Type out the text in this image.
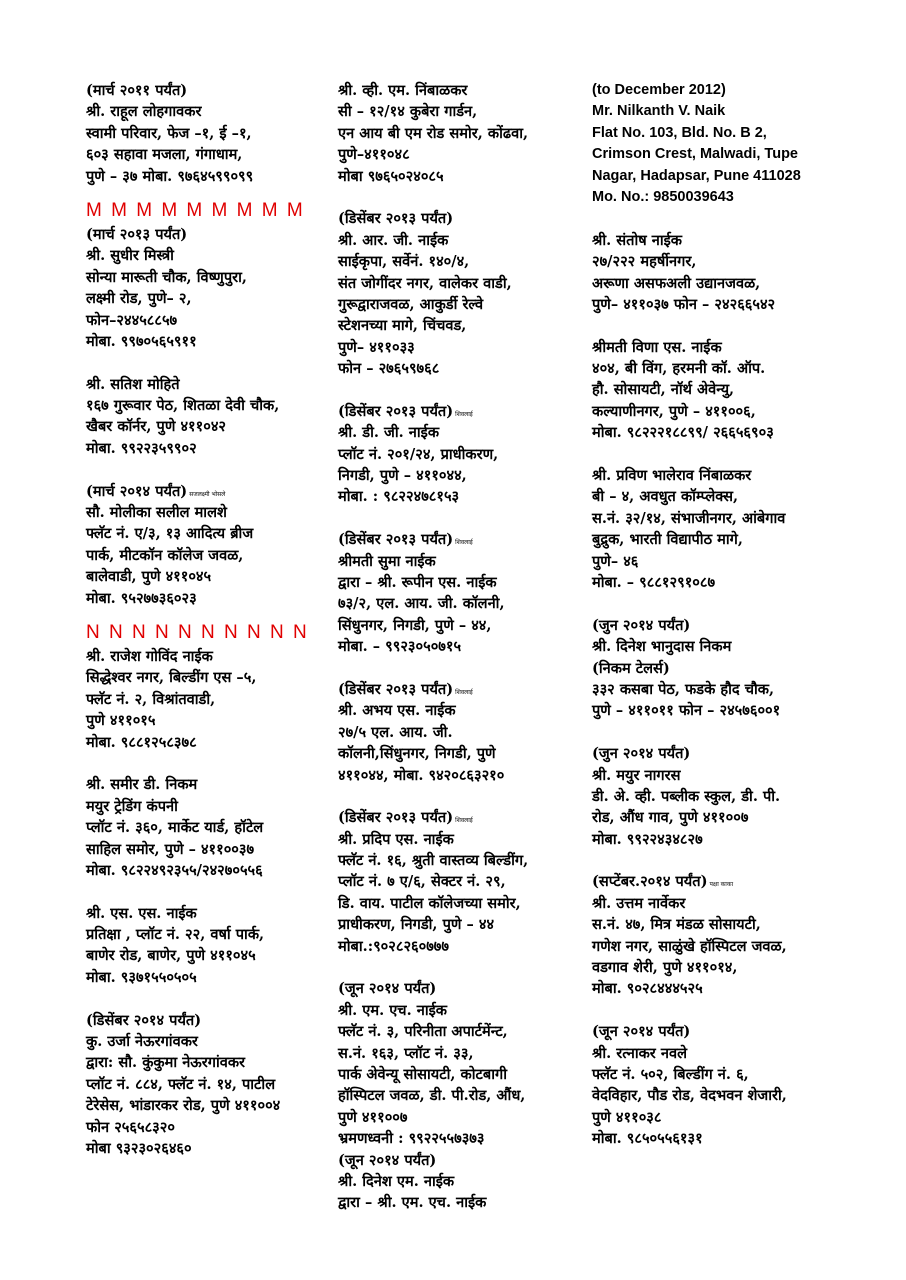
(मार्च २०११ पर्यंत)
श्री. राहूल लोहगावकर
स्वामी परिवार, फेज –१, ई –१,
६०३ सहावा मजला, गंगाधाम,
पुणे – ३७ मोबा. ९७६४५९९०९९
M M M M M M M M M
(मार्च २०१३ पर्यंत)
श्री. सुधीर मिस्त्री
सोन्या मारूती चौक, विष्णुपुरा,
लक्ष्मी रोड, पुणे– २,
फोन–२४४५८८५७
मोबा. ९९७०५६५९११
श्री. सतिश मोहिते
१६७ गुरूवार पेठ, शितळा देवी चौक,
खैबर कॉर्नर, पुणे ४११०४२
मोबा. ९९२२३५९९०२
(मार्च २०१४ पर्यंत) सजलक्ष्मी भोसले
सौ. मोलीका सलील मालशे
फ्लॅट नं. ए/३, १३ आदित्य ब्रीज
पार्क, मीटकॉन कॉलेज जवळ,
बालेवाडी, पुणे ४११०४५
मोबा. ९५२७७३६०२३
N N N N N N N N N N
श्री. राजेश गोविंद नाईक
सिद्धेश्वर नगर, बिल्डींग एस –५,
फ्लॅट नं. २, विश्रांतवाडी,
पुणे ४११०१५
मोबा. ९८८१२५८३७८
श्री. समीर डी. निकम
मयुर ट्रेडिंग कंपनी
प्लॉट नं. ३६०, मार्केट यार्ड, हॉटेल
साहिल समोर, पुणे – ४११००३७
मोबा. ९८२२४९२३५५/२४२७०५५६
श्री. एस. एस. नाईक
प्रतिक्षा , प्लॉट नं. २२, वर्षा पार्क,
बाणेर रोड, बाणेर, पुणे ४११०४५
मोबा. ९३७१५५०५०५
(डिसेंबर २०१४ पर्यंत)
कु. उर्जा नेऊरगांवकर
द्वारा: सौ. कुंकुमा नेऊरगांवकर
प्लॉट नं. ८८४, फ्लॅट नं. १४, पाटील
टेरेसेस, भांडारकर रोड, पुणे ४११००४
फोन २५६५८३२०
मोबा ९३२३०२६४६०
श्री. व्ही. एम. निंबाळकर
सी – १२/१४ कुबेरा गार्डन,
एन आय बी एम रोड समोर, कोंढवा,
पुणे–४११०४८
मोबा ९७६५०२४०८५
(डिसेंबर २०१३ पर्यंत)
श्री. आर. जी. नाईक
साईकृपा, सर्वेनं. १४०/४,
संत जोगींदर नगर, वालेकर वाडी,
गुरूद्वाराजवळ, आकुर्डी रेल्वे
स्टेशनच्या मागे, चिंचवड,
पुणे– ४११०३३
फोन – २७६५९७६८
(डिसेंबर २०१३ पर्यंत) शिवलाई
श्री. डी. जी. नाईक
प्लॉट नं. २०१/२४, प्राधीकरण,
निगडी, पुणे – ४११०४४,
मोबा. : ९८२२४७८१५३
(डिसेंबर २०१३ पर्यंत) शिवलाई
श्रीमती सुमा नाईक
द्वारा – श्री. रूपीन एस. नाईक
७३/२, एल. आय. जी. कॉलनी,
सिंधुनगर, निगडी, पुणे – ४४,
मोबा. – ९९२३०५०७१५
(डिसेंबर २०१३ पर्यंत) शिवलाई
श्री. अभय एस. नाईक
२७/५ एल. आय. जी.
कॉलनी,सिंधुनगर, निगडी, पुणे
४११०४४, मोबा. ९४२०८६३२१०
(डिसेंबर २०१३ पर्यंत) शिवलाई
श्री. प्रदिप एस. नाईक
फ्लॅट नं. १६, श्रुती वास्तव्य बिल्डींग,
प्लॉट नं. ७ ए/६, सेक्टर नं. २९,
डि. वाय. पाटील कॉलेजच्या समोर,
प्राधीकरण, निगडी, पुणे – ४४
मोबा.:९०२८२६०७७७
(जून २०१४ पर्यंत)
श्री. एम. एच. नाईक
फ्लॅट नं. ३, परिनीता अपार्टमेंन्ट,
स.नं. १६३, प्लॉट नं. ३३,
पार्क अेवेन्यू सोसायटी, कोटबागी
हॉस्पिटल जवळ, डी. पी.रोड, औंध,
पुणे ४११००७
भ्रमणध्वनी : ९९२२५५७३७३
(जून २०१४ पर्यंत)
श्री. दिनेश एम. नाईक
द्वारा – श्री. एम. एच. नाईक
(to December 2012)
Mr. Nilkanth V. Naik
Flat No. 103, Bld. No. B 2,
Crimson Crest, Malwadi, Tupe
Nagar, Hadapsar, Pune 411028
Mo. No.: 9850039643
श्री. संतोष नाईक
२७/२२२ महर्षीनगर,
अरूणा असफअली उद्यानजवळ,
पुणे– ४११०३७ फोन – २४२६६५४२
श्रीमती विणा एस. नाईक
४०४, बी विंग, हरमनी कॉ. ऑप.
हौ. सोसायटी, नॉर्थ अेवेन्यु,
कल्याणीनगर, पुणे – ४११००६,
मोबा. ९८२२२१८८९९/ २६६५६९०३
श्री. प्रविण भालेराव निंबाळकर
बी – ४, अवधुत कॉम्प्लेक्स,
स.नं. ३२/१४, संभाजीनगर, आंबेगाव
बुद्रुक, भारती विद्यापीठ मागे,
पुणे– ४६
मोबा. – ९८८१२९१०८७
(जुन २०१४ पर्यंत)
श्री. दिनेश भानुदास निकम
(निकम टेलर्स)
३३२ कसबा पेठ, फडके हौद चौक,
पुणे – ४११०११ फोन – २४५७६००१
(जुन २०१४ पर्यंत)
श्री. मयुर नागरस
डी. अे. व्ही. पब्लीक स्कुल, डी. पी.
रोड, औंध गाव, पुणे ४११००७
मोबा. ९९२२४३४८२७
(सप्टेंबर.२०१४ पर्यंत) पक्षा काका
श्री. उत्तम नार्वेकर
स.नं. ४७, मित्र मंडळ सोसायटी,
गणेश नगर, साळुंखे हॉस्पिटल जवळ,
वडगाव शेरी, पुणे ४११०१४,
मोबा. ९०२८४४४५२५
(जून २०१४ पर्यंत)
श्री. रत्नाकर नवले
फ्लॅट नं. ५०२, बिल्डींग नं. ६,
वेदविहार, पौड रोड, वेदभवन शेजारी,
पुणे ४११०३८
मोबा. ९८५०५५६१३१
